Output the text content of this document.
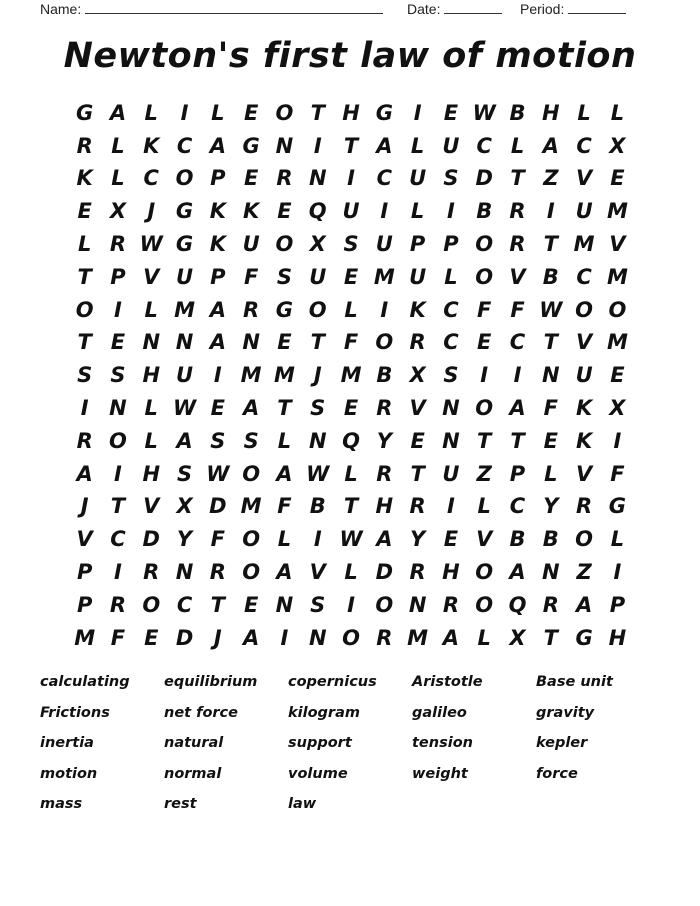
Name:	Date:	Period:
Newton's first law of motion
G A L	I	L E O T H G I	E W B H L L
R L K C A G N I	T A L U C L A C X
K L C O P E R N I	C U S D T Z V E
E X	J G K K E Q U I	L	I	B R	I U M
L R W G K U O X S U P P O R T M V
T P V U P F S U E M U L O V B C M
O I	L M A R G O L	I	K C F F W O O
T E N N A N E T F O R C E C T V M
S S H U I M M J M B X S	I	I N U E
I N L W E A T S E R V N O A F K X
R O L A S S L N Q Y E N T T E K	I
A	I H S W O A W L R T U Z P L V F
J	T V X D M F B T H R	I	L C Y R G
V C D Y F O L	I W A Y E V B B O L
P	I	R N R O A V L D R H O A N Z	I
P R O C T E N S	I O N R O Q R A P
M F E D J	A	I N O R M A L X T G H
calculating	equilibrium	copernicus	Aristotle	Base unit
Frictions	net force	kilogram	galileo	gravity
inertia	natural	support	tension	kepler
motion	normal	volume	weight	force
mass	rest	law
